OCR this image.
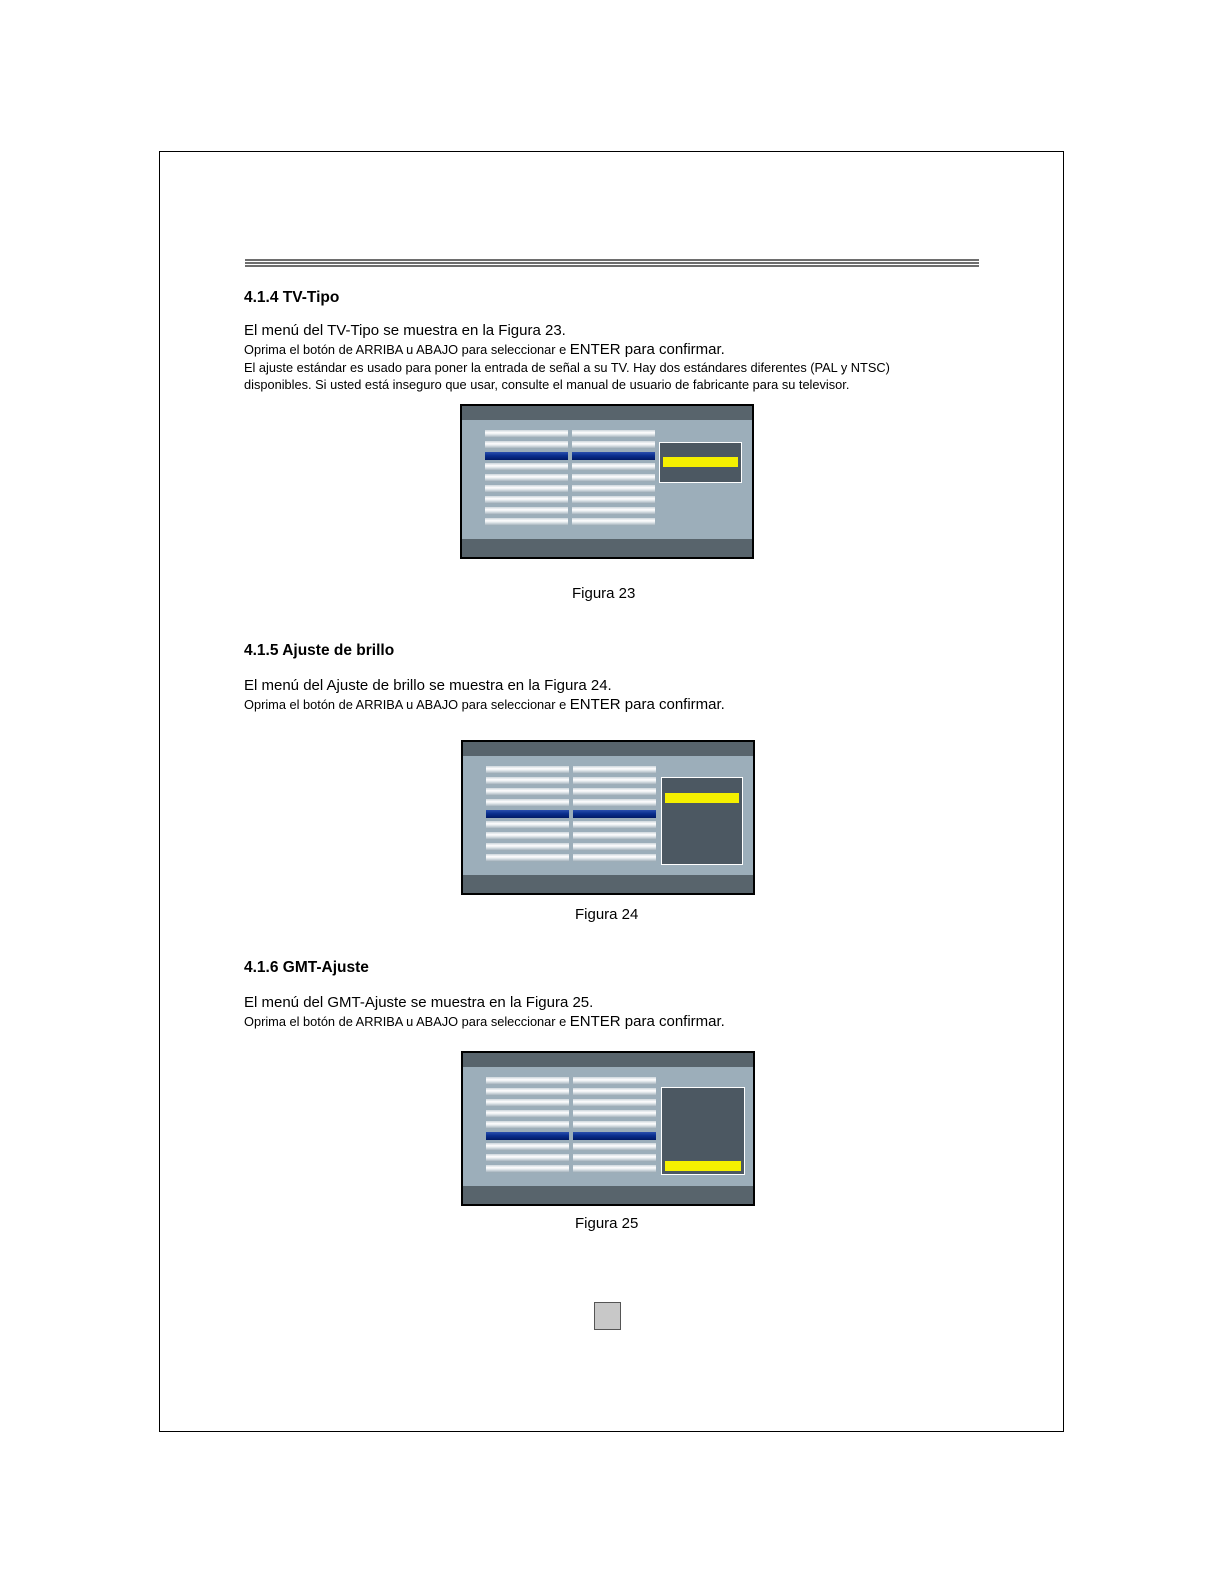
4.1.4 TV-Tipo
El menú del TV-Tipo se muestra en la Figura 23.
Oprima el botón de ARRIBA u ABAJO para seleccionar e ENTER para confirmar.
El ajuste estándar es usado para poner la entrada de señal a su TV. Hay dos estándares diferentes (PAL y NTSC)
disponibles. Si usted está inseguro que usar, consulte el manual de usuario de fabricante para su televisor.
Figura 23
4.1.5 Ajuste de brillo
El menú del Ajuste de brillo se muestra en la Figura 24.
Oprima el botón de ARRIBA u ABAJO para seleccionar e ENTER para confirmar.
Figura 24
4.1.6 GMT-Ajuste
El menú del GMT-Ajuste se muestra en la Figura 25.
Oprima el botón de ARRIBA u ABAJO para seleccionar e ENTER para confirmar.
Figura 25
